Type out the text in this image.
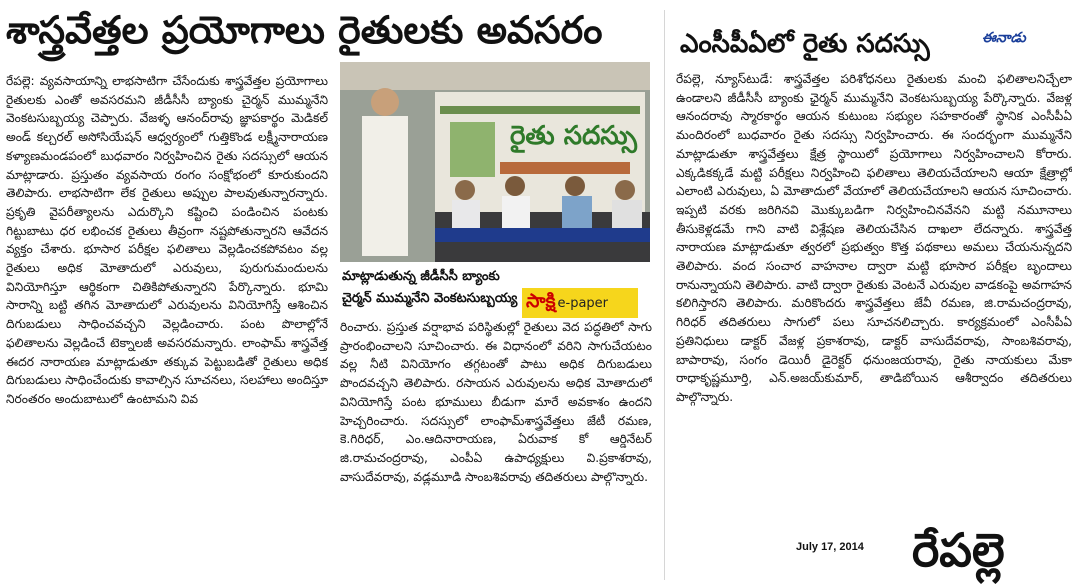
శాస్త్రవేత్తల ప్రయోగాలు రైతులకు అవసరం

రేపల్లె: వ్యవసాయాన్ని లాభసాటిగా చేసేందుకు శాస్త్రవేత్తల ప్రయోగాలు రైతులకు ఎంతో అవసరమని జీడీసీసీ బ్యాంకు చైర్మన్ ముమ్మనేని వెంకటసుబ్బయ్య చెప్పారు. వేజళ్ళ ఆనంద్‌రావు జ్ఞాపకార్థం మెడికల్ అండ్ కల్చరల్ అసోసియేషన్ ఆధ్వర్యంలో గుత్తికొండ లక్ష్మీనారాయణ కళ్యాణమండపంలో బుధవారం నిర్వహించిన రైతు సదస్సులో ఆయన మాట్లాడారు. ప్రస్తుతం వ్యవసాయ రంగం సంక్షోభంలో కూరుకుందని తెలిపారు. లాభసాటిగా లేక రైతులు అప్పుల పాలవుతున్నారన్నారు. ప్రకృతి వైపరీత్యాలను ఎదుర్కొని కష్టించి పండించిన పంటకు గిట్టుబాటు ధర లభించక రైతులు తీవ్రంగా నష్టపోతున్నారని ఆవేదన వ్యక్తం చేశారు. భూసార పరీక్షల ఫలితాలు వెల్లడించకపోవటం వల్ల రైతులు అధిక మోతాదులో ఎరువులు, పురుగుమందులను వినియోగిస్తూ ఆర్థికంగా చితికిపోతున్నారని పేర్కొన్నారు. భూమి సారాన్ని బట్టి తగిన మోతాదులో ఎరువులను వినియోగిస్తే ఆశించిన దిగుబడులు సాధించవచ్చని వెల్లడించారు. పంట పొలాల్లోనే ఫలితాలను వెల్లడించే టెక్నాలజీ అవసరమన్నారు. లాంఫామ్ శాస్త్రవేత్త ఈదర నారాయణ మాట్లాడుతూ తక్కువ పెట్టుబడితో రైతులు అధిక దిగుబడులు సాధించేందుకు కావాల్సిన సూచనలు, సలహాలు అందిస్తూ నిరంతరం అందుబాటులో ఉంటామని వివ

రైతు సదస్సు
మాట్లాడుతున్న జీడీసీసీ బ్యాంకు చైర్మన్ ముమ్మనేని వెంకటసుబ్బయ్య సాక్షి e-paper

రించారు. ప్రస్తుత వర్షాభావ పరిస్థితుల్లో రైతులు వెద పద్ధతిలో సాగు ప్రారంభించాలని సూచించారు. ఈ విధానంలో వరిని సాగుచేయటం వల్ల నీటి వినియోగం తగ్గటంతో పాటు అధిక దిగుబడులు పొందవచ్చని తెలిపారు. రసాయన ఎరువులను అధిక మోతాదులో వినియోగిస్తే పంట భూములు బీడుగా మారే అవకాశం ఉందని హెచ్చరించారు. సదస్సులో లాంఫామ్‌శాస్త్రవేత్తలు జేటీ రమణ, కె.గిరిధర్, ఎం.ఆదినారాయణ, ఏరువాక కో ఆర్డినేటర్ జి.రామచంద్రరావు, ఎంపీఏ ఉపాధ్యక్షులు వి.ప్రకాశరావు, వాసుదేవరావు, వడ్లమూడి సాంబశివరావు తదితరులు పాల్గొన్నారు.

ఎంసీపీఏలో రైతు సదస్సు	ఈనాడు

రేపల్లె, న్యూస్‌టుడే: శాస్త్రవేత్తల పరిశోధనలు రైతులకు మంచి ఫలితాలనిచ్చేలా ఉండాలని జీడీసీసీ బ్యాంకు ఛైర్మన్ ముమ్మనేని వెంకటసుబ్బయ్య పేర్కొన్నారు. వేజళ్ల ఆనందరావు స్మారకార్థం ఆయన కుటుంబ సభ్యుల సహకారంతో స్థానిక ఎంసీపీఏ మందిరంలో బుధవారం రైతు సదస్సు నిర్వహించారు. ఈ సందర్భంగా ముమ్మనేని మాట్లాడుతూ శాస్త్రవేత్తలు క్షేత్ర స్థాయిలో ప్రయోగాలు నిర్వహించాలని కోరారు. ఎక్కడికక్కడే మట్టి పరీక్షలు నిర్వహించి ఫలితాలు తెలియచేయాలని ఆయా క్షేత్రాల్లో ఎలాంటి ఎరువులు, ఏ మోతాదులో వేయాలో తెలియచేయాలని ఆయన సూచించారు. ఇప్పటి వరకు జరిగినవి మొక్కుబడిగా నిర్వహించినవేనని మట్టి నమూనాలు తీసుకెళ్లడమే గాని వాటి విశ్లేషణ తెలియచేసిన దాఖలా లేదన్నారు. శాస్త్రవేత్త నారాయణ మాట్లాడుతూ త్వరలో ప్రభుత్వం కొత్త పథకాలు అమలు చేయనున్నదని తెలిపారు. వంద సంచార వాహనాల ద్వారా మట్టి భూసార పరీక్షల బృందాలు రానున్నాయని తెలిపారు. వాటి ద్వారా రైతుకు వెంటనే ఎరువుల వాడకంపై అవగాహన కలిగిస్తారని తెలిపారు. మరికొందరు శాస్త్రవేత్తలు జేవీ రమణ, జి.రామచంద్రరావు, గిరిధర్ తదితరులు సాగులో పలు సూచనలిచ్చారు. కార్యక్రమంలో ఎంసీపీఏ ప్రతినిధులు డాక్టర్ వేజళ్ల ప్రకాశరావు, డాక్టర్ వాసుదేవరావు, సాంబశివరావు, బాపారావు, సంగం డెయిరీ డైరెక్టర్ ధనుంజయరావు, రైతు నాయకులు మేకా రాధాకృష్ణమూర్తి, ఎన్.అజయ్‌కుమార్, తాడిబోయిన ఆశీర్వాదం తదితరులు పాల్గొన్నారు.

July 17, 2014 రేపల్లె
